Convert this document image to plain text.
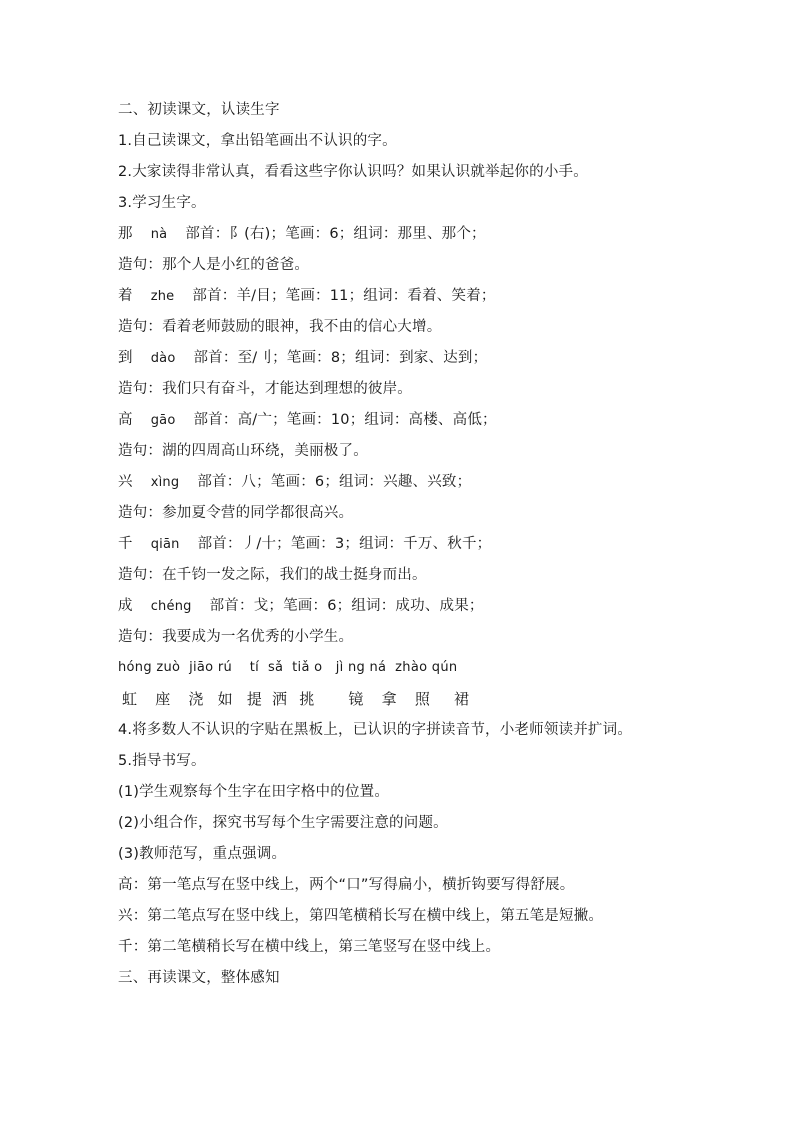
二、初读课文，认读生字
1.自己读课文，拿出铅笔画出不认识的字。
2.大家读得非常认真，看看这些字你认识吗？如果认识就举起你的小手。
3.学习生字。
那 nà 部首：阝(右)；笔画：6；组词：那里、那个；
造句：那个人是小红的爸爸。
着 zhe 部首：羊/目；笔画：11；组词：看着、笑着；
造句：看着老师鼓励的眼神，我不由的信心大增。
到 dào 部首：至/刂；笔画：8；组词：到家、达到；
造句：我们只有奋斗，才能达到理想的彼岸。
高 gāo 部首：高/亠；笔画：10；组词：高楼、高低；
造句：湖的四周高山环绕，美丽极了。
兴 xìng 部首：八；笔画：6；组词：兴趣、兴致；
造句：参加夏令营的同学都很高兴。
千 qiān 部首：丿/十；笔画：3；组词：千万、秋千；
造句：在千钧一发之际，我们的战士挺身而出。
成 chéng 部首：戈；笔画：6；组词：成功、成果；
造句：我要成为一名优秀的小学生。
hóng zuò  jiāo rú    tí  sǎ  tiǎ o   jì ng ná  zhào qún
虹 座 浇 如 提 洒 挑 镜 拿 照 裙
4.将多数人不认识的字贴在黑板上，已认识的字拼读音节，小老师领读并扩词。
5.指导书写。
(1)学生观察每个生字在田字格中的位置。
(2)小组合作，探究书写每个生字需要注意的问题。
(3)教师范写，重点强调。
高：第一笔点写在竖中线上，两个“口”写得扁小，横折钩要写得舒展。
兴：第二笔点写在竖中线上，第四笔横稍长写在横中线上，第五笔是短撇。
千：第二笔横稍长写在横中线上，第三笔竖写在竖中线上。
三、再读课文，整体感知
